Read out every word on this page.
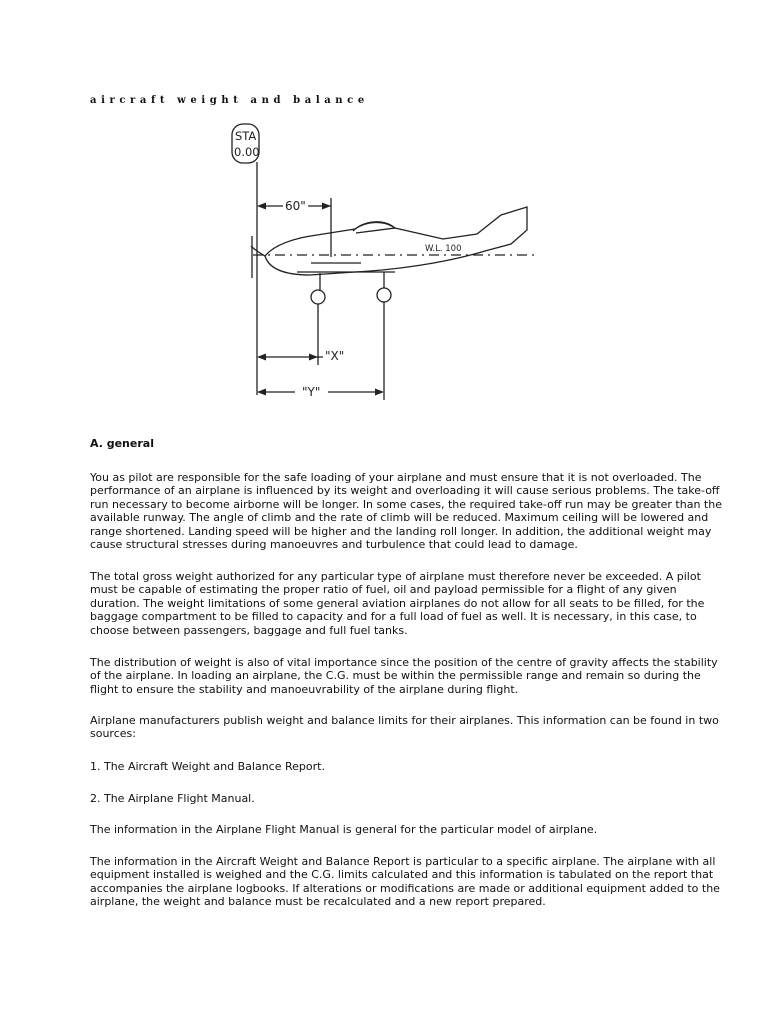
aircraft weight and balance
STA
0.00
60"
W.L. 100
"X"
"Y"
A. general
You as pilot are responsible for the safe loading of your airplane and must ensure that it is not overloaded. The
performance of an airplane is influenced by its weight and overloading it will cause serious problems. The take-off
run necessary to become airborne will be longer. In some cases, the required take-off run may be greater than the
available runway. The angle of climb and the rate of climb will be reduced. Maximum ceiling will be lowered and
range shortened. Landing speed will be higher and the landing roll longer. In addition, the additional weight may
cause structural stresses during manoeuvres and turbulence that could lead to damage.
The total gross weight authorized for any particular type of airplane must therefore never be exceeded. A pilot
must be capable of estimating the proper ratio of fuel, oil and payload permissible for a flight of any given
duration. The weight limitations of some general aviation airplanes do not allow for all seats to be filled, for the
baggage compartment to be filled to capacity and for a full load of fuel as well. It is necessary, in this case, to
choose between passengers, baggage and full fuel tanks.
The distribution of weight is also of vital importance since the position of the centre of gravity affects the stability
of the airplane. In loading an airplane, the C.G. must be within the permissible range and remain so during the
flight to ensure the stability and manoeuvrability of the airplane during flight.
Airplane manufacturers publish weight and balance limits for their airplanes. This information can be found in two
sources:
1. The Aircraft Weight and Balance Report.
2. The Airplane Flight Manual.
The information in the Airplane Flight Manual is general for the particular model of airplane.
The information in the Aircraft Weight and Balance Report is particular to a specific airplane. The airplane with all
equipment installed is weighed and the C.G. limits calculated and this information is tabulated on the report that
accompanies the airplane logbooks. If alterations or modifications are made or additional equipment added to the
airplane, the weight and balance must be recalculated and a new report prepared.
